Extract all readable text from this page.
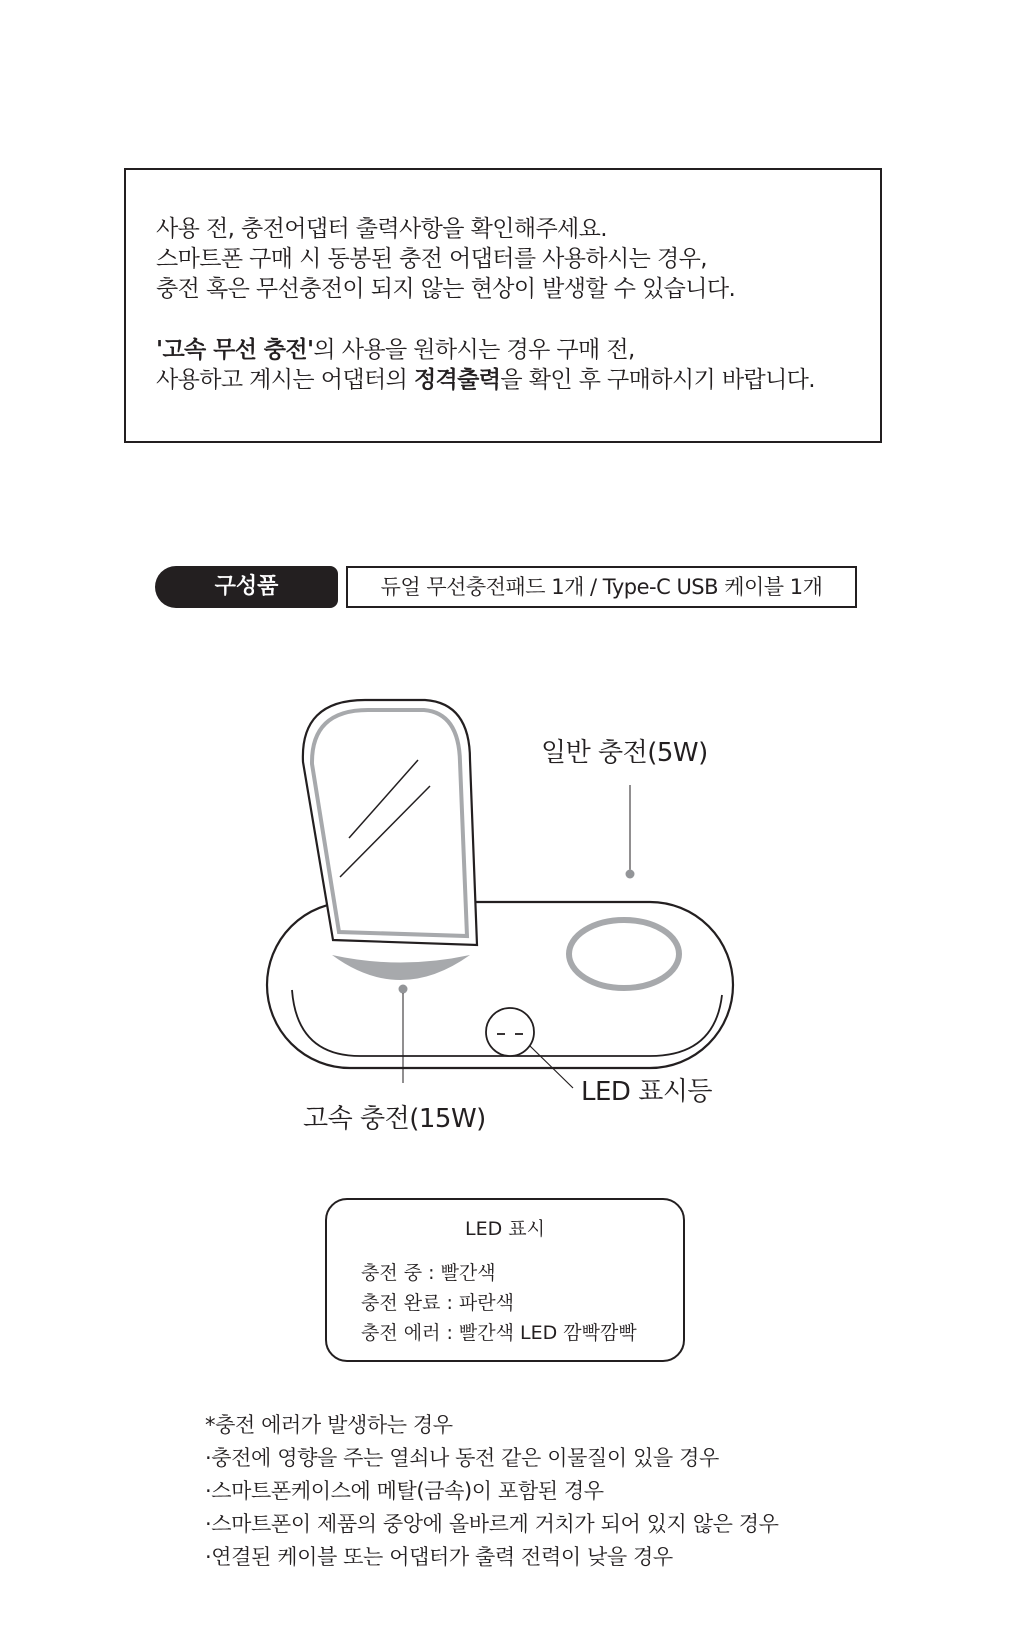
사용 전, 충전어댑터 출력사항을 확인해주세요.
스마트폰 구매 시 동봉된 충전 어댑터를 사용하시는 경우,
충전 혹은 무선충전이 되지 않는 현상이 발생할 수 있습니다.
'고속 무선 충전'의 사용을 원하시는 경우 구매 전,
사용하고 계시는 어댑터의 정격출력을 확인 후 구매하시기 바랍니다.
구성품	듀얼 무선충전패드 1개 / Type-C USB 케이블 1개
일반 충전(5W)
고속 충전(15W)
LED 표시등
LED 표시
충전 중 : 빨간색
충전 완료 : 파란색
충전 에러 : 빨간색 LED 깜빡깜빡
*충전 에러가 발생하는 경우
·충전에 영향을 주는 열쇠나 동전 같은 이물질이 있을 경우
·스마트폰케이스에 메탈(금속)이 포함된 경우
·스마트폰이 제품의 중앙에 올바르게 거치가 되어 있지 않은 경우
·연결된 케이블 또는 어댑터가 출력 전력이 낮을 경우
